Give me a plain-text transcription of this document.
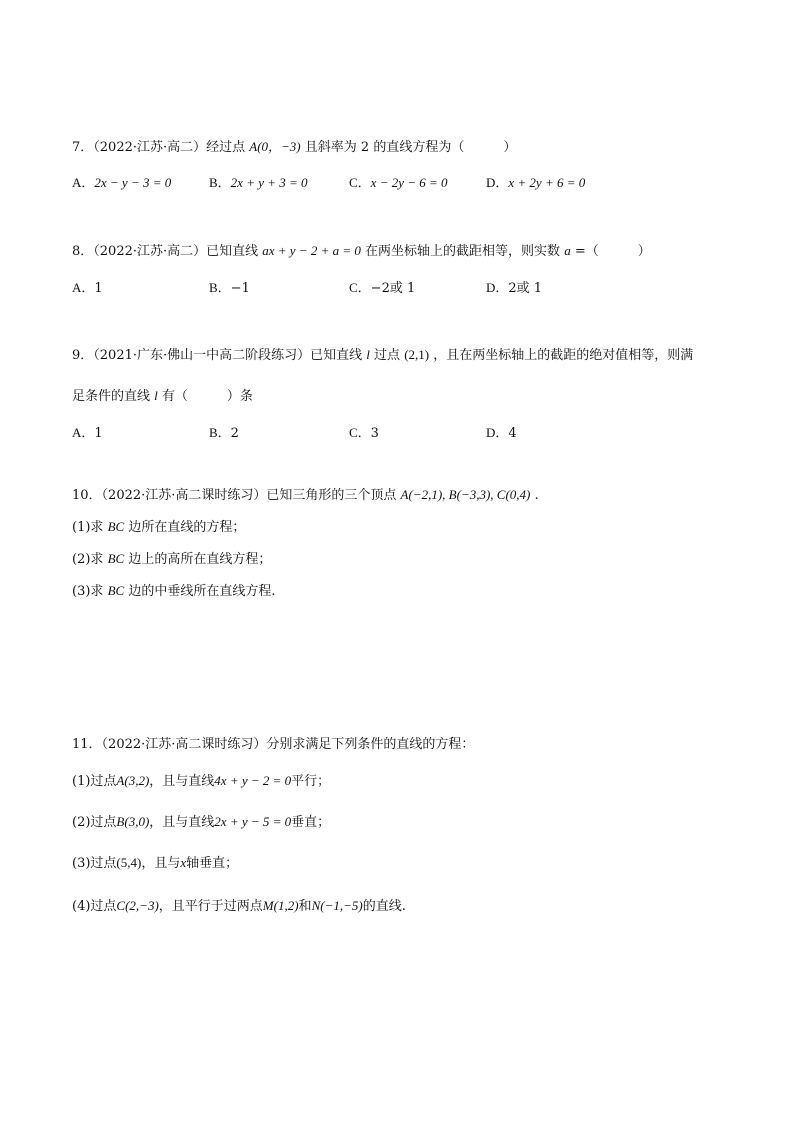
7．（2022·江苏·高二）经过点 A(0，−3) 且斜率为 2 的直线方程为（　　　）
A．2x − y − 3 = 0	B．2x + y + 3 = 0	C．x − 2y − 6 = 0	D．x + 2y + 6 = 0
8．（2022·江苏·高二）已知直线 ax + y − 2 + a = 0 在两坐标轴上的截距相等，则实数 a =（　　　）
A．1	B．−1	C．−2或 1	D．2或 1
9．（2021·广东·佛山一中高二阶段练习）已知直线 l 过点 (2,1) ，且在两坐标轴上的截距的绝对值相等，则满
足条件的直线 l 有（　　　）条
A．1	B．2	C．3	D．4
10．（2022·江苏·高二课时练习）已知三角形的三个顶点 A(−2,1), B(−3,3), C(0,4) .
(1)求 BC 边所在直线的方程；
(2)求 BC 边上的高所在直线方程；
(3)求 BC 边的中垂线所在直线方程.
11．（2022·江苏·高二课时练习）分别求满足下列条件的直线的方程：
(1)过点A(3,2)，且与直线4x + y − 2 = 0平行；
(2)过点B(3,0)，且与直线2x + y − 5 = 0垂直；
(3)过点(5,4)，且与x轴垂直；
(4)过点C(2,−3)，且平行于过两点M(1,2)和N(−1,−5)的直线.
